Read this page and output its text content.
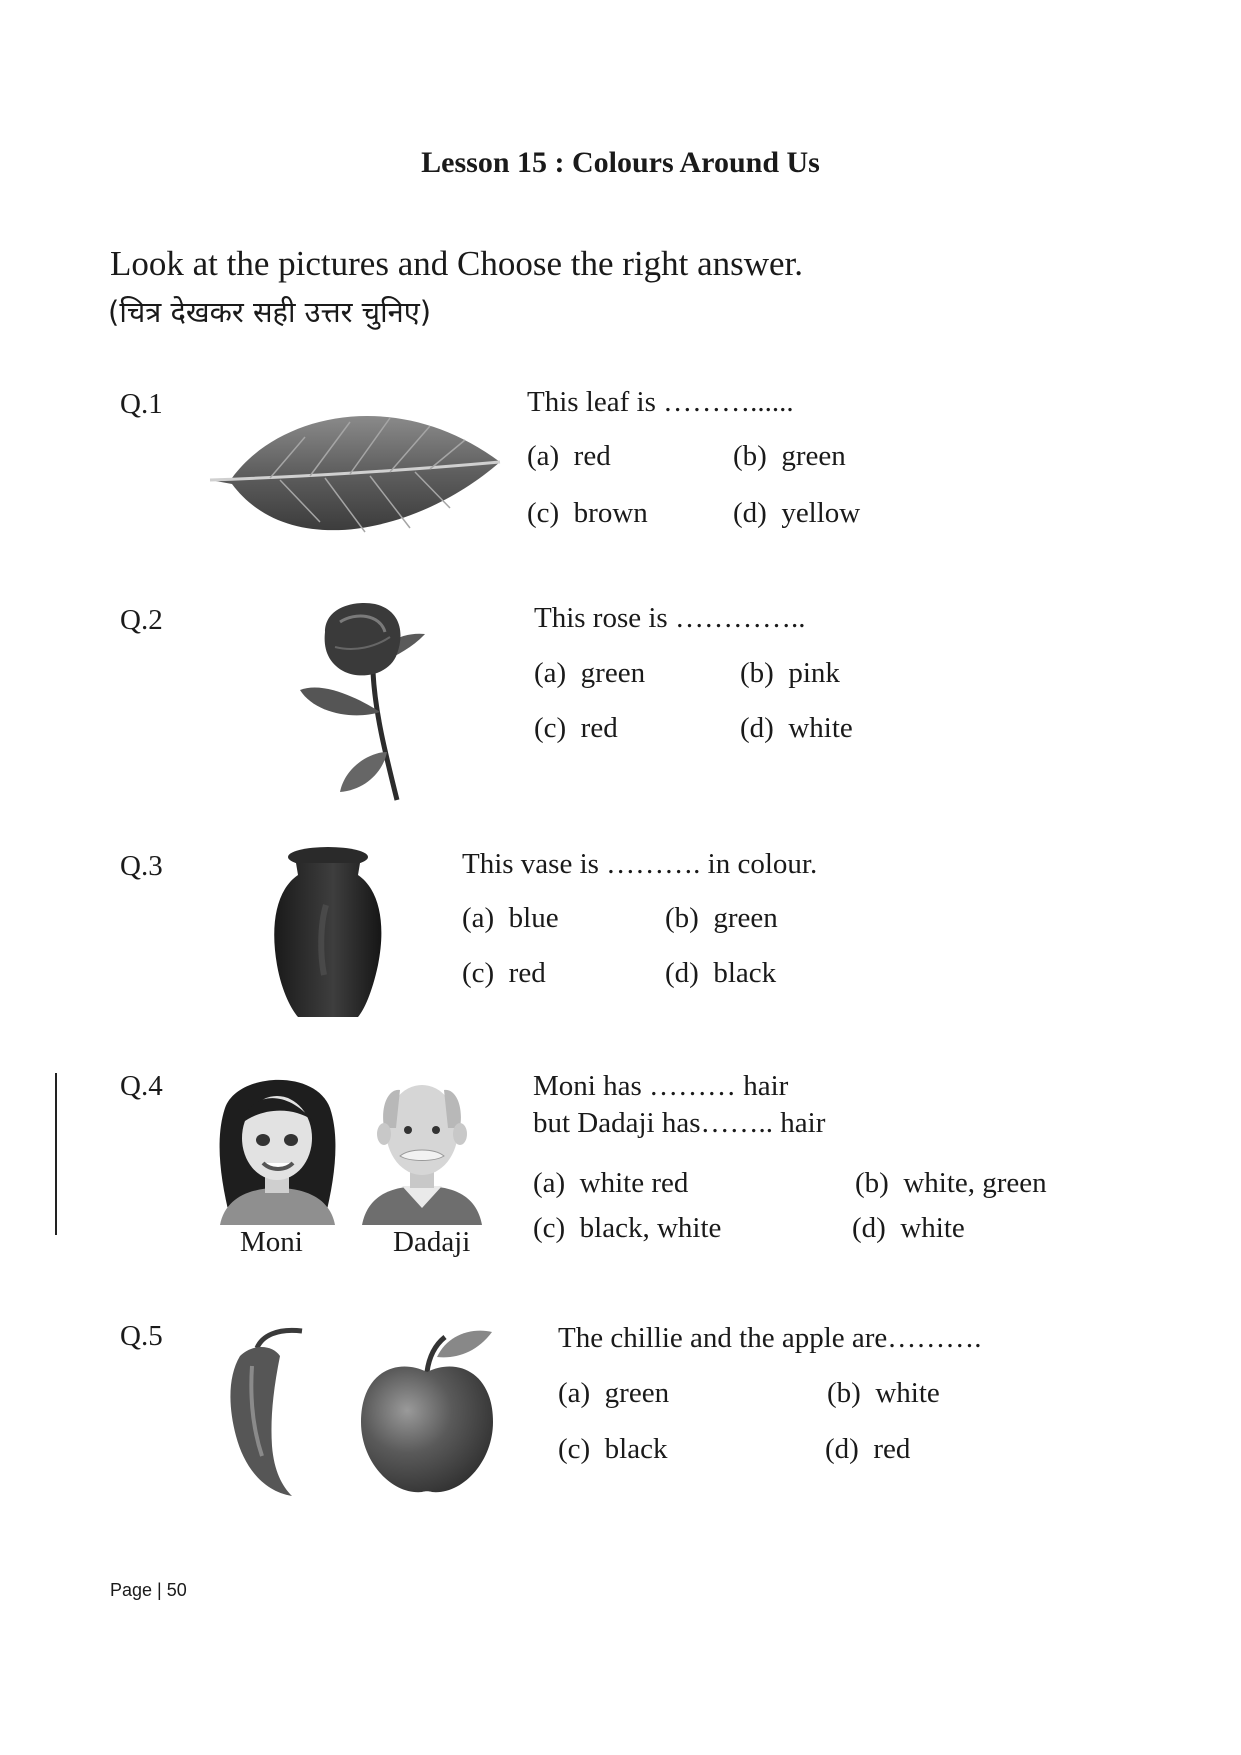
Lesson 15 : Colours Around Us
Look at the pictures and Choose the right answer.
(चित्र देखकर सही उत्तर चुनिए)
Q.1	This leaf is ………......
(a)  red	(b)  green
(c)  brown	(d)  yellow
Q.2	This rose is …………..
(a)  green	(b)  pink
(c)  red	(d)  white
Q.3	This vase is ………. in colour.
(a)  blue	(b)  green
(c)  red	(d)  black
Q.4
Moni	Dadaji
Moni has ……… hair
but Dadaji has…….. hair
(a)  white red	(b)  white, green
(c)  black, white	(d)  white
Q.5	The chillie and the apple are……….
(a)  green	(b)  white
(c)  black	(d)  red
Page | 50
